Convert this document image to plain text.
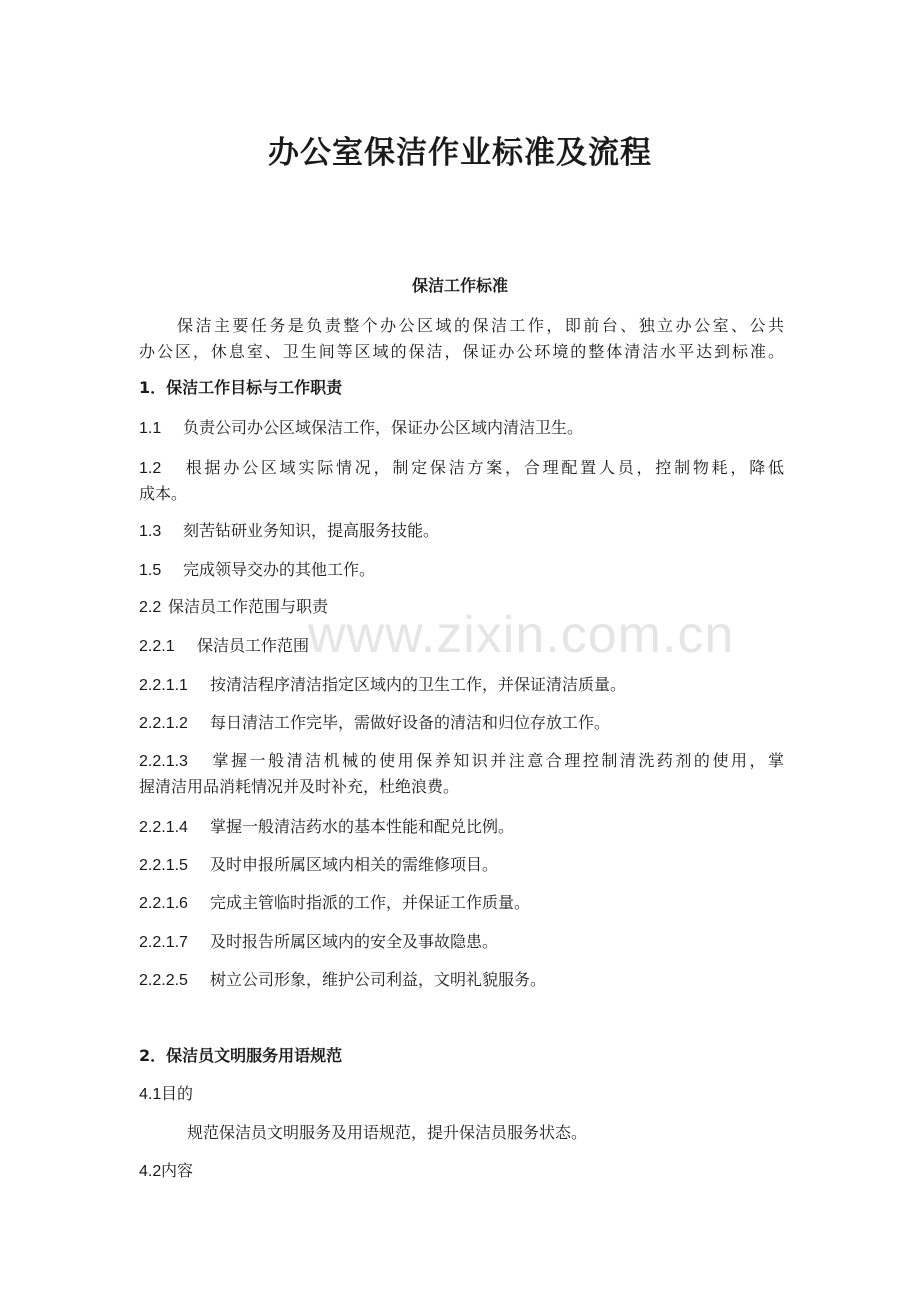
办公室保洁作业标准及流程
保洁工作标准
保洁主要任务是负责整个办公区域的保洁工作，即前台、独立办公室、公共
办公区，休息室、卫生间等区域的保洁，保证办公环境的整体清洁水平达到标准。
1．保洁工作目标与工作职责
1.1 负责公司办公区域保洁工作，保证办公区域内清洁卫生。
1.2 根据办公区域实际情况，制定保洁方案，合理配置人员，控制物耗，降低
成本。
1.3 刻苦钻研业务知识，提高服务技能。
1.5 完成领导交办的其他工作。
2.2 保洁员工作范围与职责
2.2.1 保洁员工作范围
2.2.1.1 按清洁程序清洁指定区域内的卫生工作，并保证清洁质量。
2.2.1.2 每日清洁工作完毕，需做好设备的清洁和归位存放工作。
2.2.1.3 掌握一般清洁机械的使用保养知识并注意合理控制清洗药剂的使用，掌
握清洁用品消耗情况并及时补充，杜绝浪费。
2.2.1.4 掌握一般清洁药水的基本性能和配兑比例。
2.2.1.5 及时申报所属区域内相关的需维修项目。
2.2.1.6 完成主管临时指派的工作，并保证工作质量。
2.2.1.7 及时报告所属区域内的安全及事故隐患。
2.2.2.5 树立公司形象，维护公司利益，文明礼貌服务。
2．保洁员文明服务用语规范
4.1目的
规范保洁员文明服务及用语规范，提升保洁员服务状态。
4.2内容
www.zixin.com.cn
